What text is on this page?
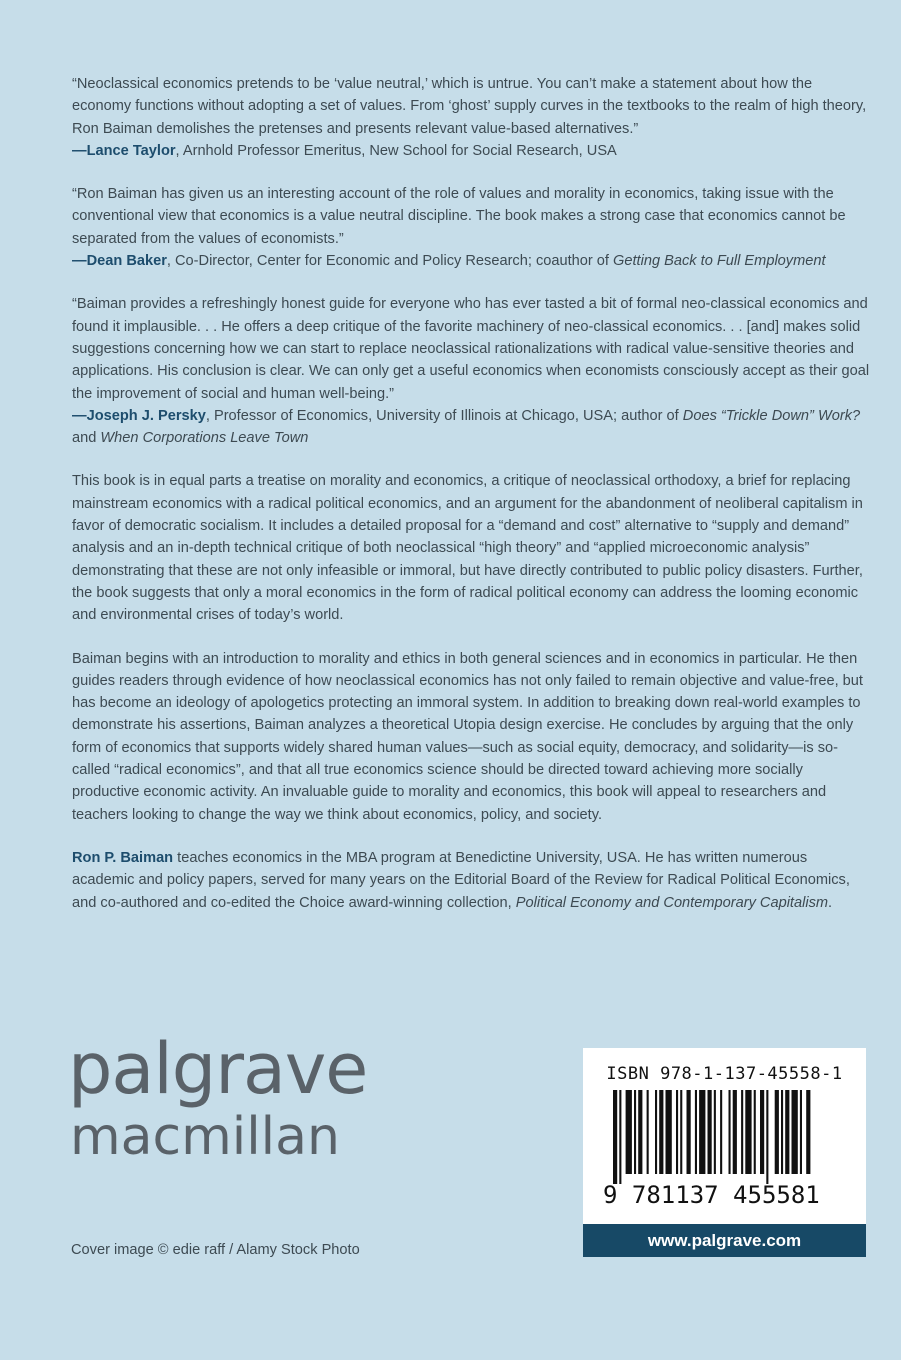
“Neoclassical economics pretends to be ‘value neutral,’ which is untrue. You can’t make a statement about how the economy functions without adopting a set of values. From ‘ghost’ supply curves in the textbooks to the realm of high theory, Ron Baiman demolishes the pretenses and presents relevant value-based alternatives.”

—Lance Taylor, Arnhold Professor Emeritus, New School for Social Research, USA

“Ron Baiman has given us an interesting account of the role of values and morality in economics, taking issue with the conventional view that economics is a value neutral discipline. The book makes a strong case that economics cannot be separated from the values of economists.”

—Dean Baker, Co-Director, Center for Economic and Policy Research; coauthor of Getting Back to Full Employment

“Baiman provides a refreshingly honest guide for everyone who has ever tasted a bit of formal neo-classical economics and found it implausible. . . He offers a deep critique of the favorite machinery of neo-classical economics. . . [and] makes solid suggestions concerning how we can start to replace neoclassical rationalizations with radical value-sensitive theories and applications. His conclusion is clear. We can only get a useful economics when economists consciously accept as their goal the improvement of social and human well-being.”

—Joseph J. Persky, Professor of Economics, University of Illinois at Chicago, USA; author of Does “Trickle Down” Work? and When Corporations Leave Town

This book is in equal parts a treatise on morality and economics, a critique of neoclassical orthodoxy, a brief for replacing mainstream economics with a radical political economics, and an argument for the abandonment of neoliberal capitalism in favor of democratic socialism. It includes a detailed proposal for a “demand and cost” alternative to “supply and demand” analysis and an in-depth technical critique of both neoclassical “high theory” and “applied microeconomic analysis” demonstrating that these are not only infeasible or immoral, but have directly contributed to public policy disasters. Further, the book suggests that only a moral economics in the form of radical political economy can address the looming economic and environmental crises of today’s world.

Baiman begins with an introduction to morality and ethics in both general sciences and in economics in particular. He then guides readers through evidence of how neoclassical economics has not only failed to remain objective and value-free, but has become an ideology of apologetics protecting an immoral system. In addition to breaking down real-world examples to demonstrate his assertions, Baiman analyzes a theoretical Utopia design exercise. He concludes by arguing that the only form of economics that supports widely shared human values—such as social equity, democracy, and solidarity—is so-called “radical economics”, and that all true economics science should be directed toward achieving more socially productive economic activity. An invaluable guide to morality and economics, this book will appeal to researchers and teachers looking to change the way we think about economics, policy, and society.

Ron P. Baiman teaches economics in the MBA program at Benedictine University, USA. He has written numerous academic and policy papers, served for many years on the Editorial Board of the Review for Radical Political Economics, and co-authored and co-edited the Choice award-winning collection, Political Economy and Contemporary Capitalism.

palgrave
macmillan
Cover image © edie raff / Alamy Stock Photo
ISBN 978-1-137-45558-1
9 781137 455581
www.palgrave.com
